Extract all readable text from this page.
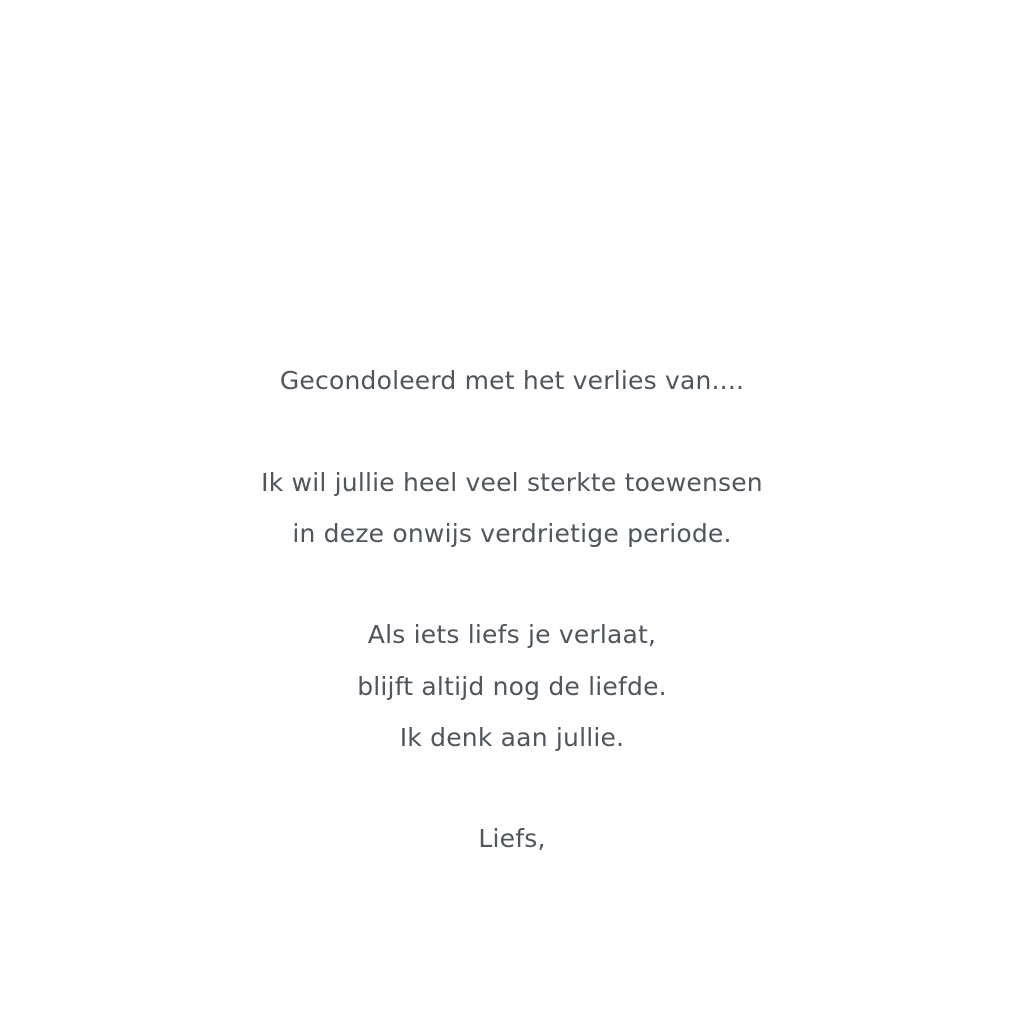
Gecondoleerd met het verlies van....
Ik wil jullie heel veel sterkte toewensen
in deze onwijs verdrietige periode.
Als iets liefs je verlaat,
blijft altijd nog de liefde.
Ik denk aan jullie.
Liefs,
